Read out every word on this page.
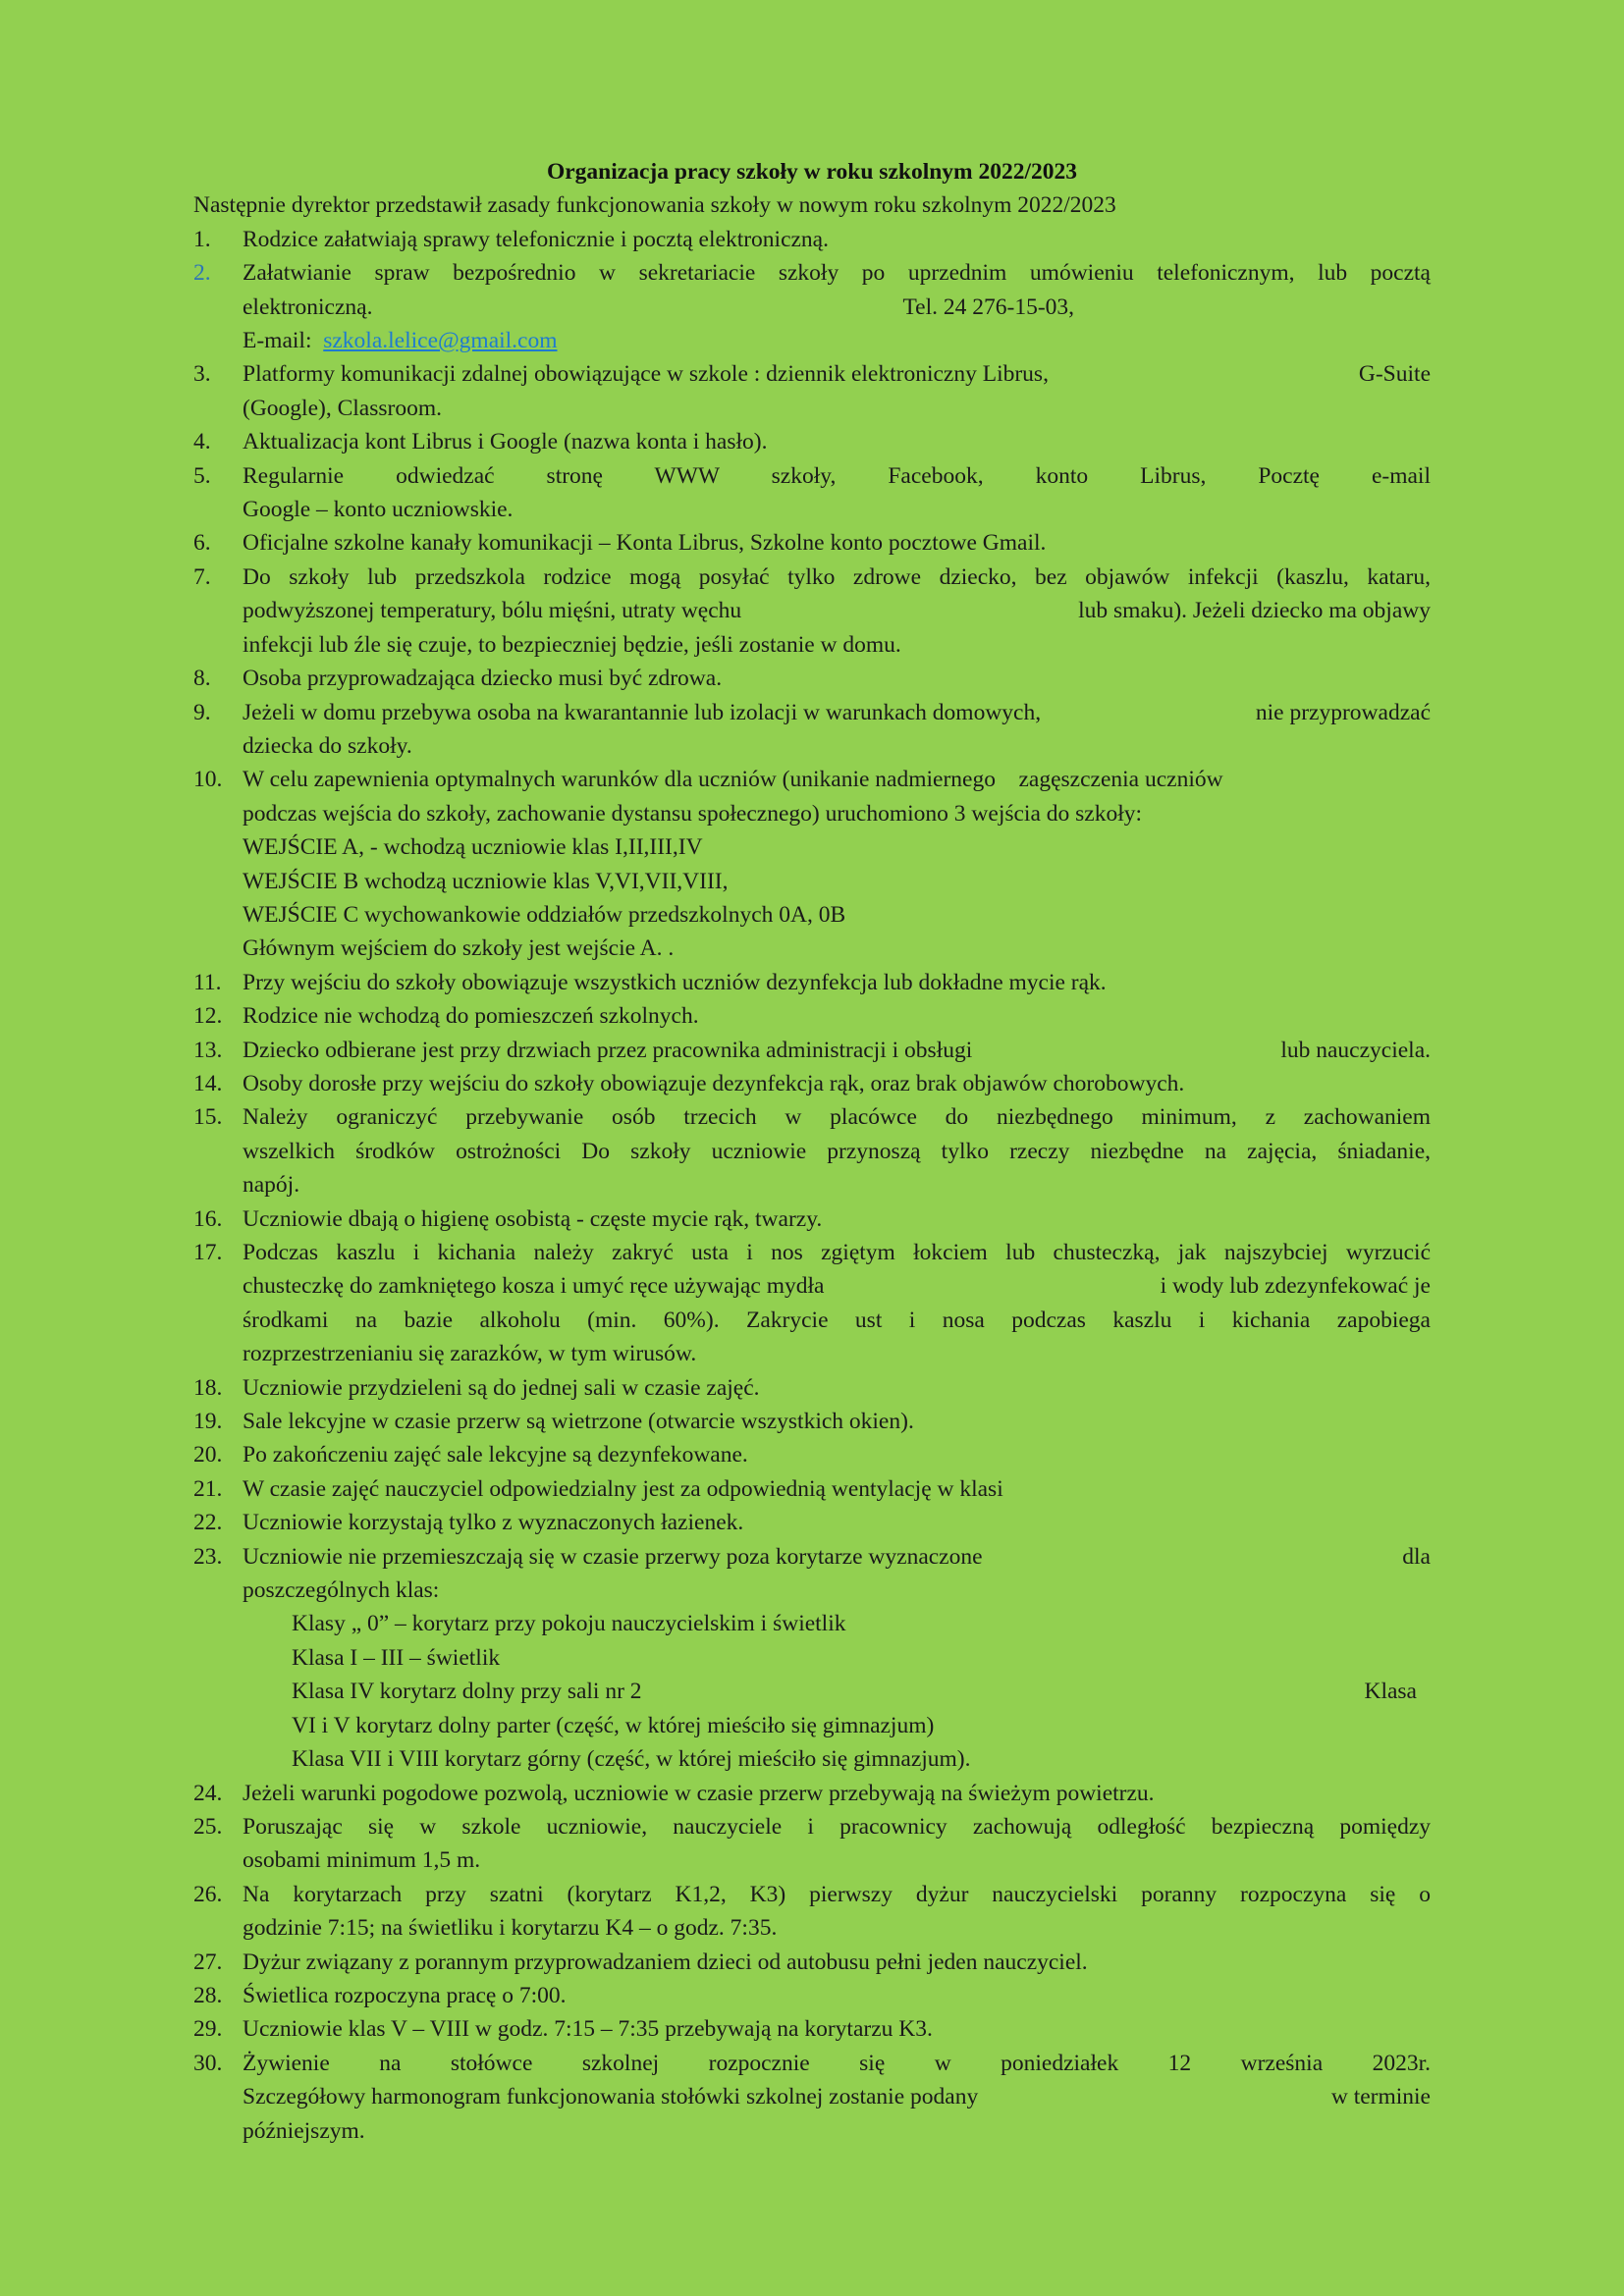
Organizacja pracy szkoły w roku szkolnym 2022/2023

Następnie dyrektor przedstawił zasady funkcjonowania szkoły w nowym roku szkolnym 2022/2023

1. Rodzice załatwiają sprawy telefonicznie i pocztą elektroniczną.
2. Załatwianie spraw bezpośrednio w sekretariacie szkoły po uprzednim umówieniu telefonicznym, lub pocztą
elektroniczną.	Tel. 24 276-15-03,
E-mail: szkola.lelice@gmail.com
3. Platformy komunikacji zdalnej obowiązujące w szkole : dziennik elektroniczny Librus,	G-Suite
(Google), Classroom.
4. Aktualizacja kont Librus i Google (nazwa konta i hasło).
5. Regularnie odwiedzać stronę WWW szkoły, Facebook, konto Librus, Pocztę e-mail
Google – konto uczniowskie.
6. Oficjalne szkolne kanały komunikacji – Konta Librus, Szkolne konto pocztowe Gmail.
7. Do szkoły lub przedszkola rodzice mogą posyłać tylko zdrowe dziecko, bez objawów infekcji (kaszlu, kataru,
podwyższonej temperatury, bólu mięśni, utraty węchu	lub smaku). Jeżeli dziecko ma objawy
infekcji lub źle się czuje, to bezpieczniej będzie, jeśli zostanie w domu.
8. Osoba przyprowadzająca dziecko musi być zdrowa.
9. Jeżeli w domu przebywa osoba na kwarantannie lub izolacji w warunkach domowych,	nie przyprowadzać
dziecka do szkoły.
10. W celu zapewnienia optymalnych warunków dla uczniów (unikanie nadmiernego    zagęszczenia uczniów
podczas wejścia do szkoły, zachowanie dystansu społecznego) uruchomiono 3 wejścia do szkoły:
WEJŚCIE A, - wchodzą uczniowie klas I,II,III,IV
WEJŚCIE B wchodzą uczniowie klas V,VI,VII,VIII,
WEJŚCIE C wychowankowie oddziałów przedszkolnych 0A, 0B
Głównym wejściem do szkoły jest wejście A. .
11. Przy wejściu do szkoły obowiązuje wszystkich uczniów dezynfekcja lub dokładne mycie rąk.
12. Rodzice nie wchodzą do pomieszczeń szkolnych.
13. Dziecko odbierane jest przy drzwiach przez pracownika administracji i obsługi	lub nauczyciela.
14. Osoby dorosłe przy wejściu do szkoły obowiązuje dezynfekcja rąk, oraz brak objawów chorobowych.
15. Należy ograniczyć przebywanie osób trzecich w placówce do niezbędnego minimum, z zachowaniem
wszelkich środków ostrożności Do szkoły uczniowie przynoszą tylko rzeczy niezbędne na zajęcia, śniadanie,
napój.
16. Uczniowie dbają o higienę osobistą - częste mycie rąk, twarzy.
17. Podczas kaszlu i kichania należy zakryć usta i nos zgiętym łokciem lub chusteczką, jak najszybciej wyrzucić
chusteczkę do zamkniętego kosza i umyć ręce używając mydła	i wody lub zdezynfekować je
środkami na bazie alkoholu (min. 60%). Zakrycie ust i nosa podczas kaszlu i kichania zapobiega
rozprzestrzenianiu się zarazków, w tym wirusów.
18. Uczniowie przydzieleni są do jednej sali w czasie zajęć.
19. Sale lekcyjne w czasie przerw są wietrzone (otwarcie wszystkich okien).
20. Po zakończeniu zajęć sale lekcyjne są dezynfekowane.
21. W czasie zajęć nauczyciel odpowiedzialny jest za odpowiednią wentylację w klasi
22. Uczniowie korzystają tylko z wyznaczonych łazienek.
23. Uczniowie nie przemieszczają się w czasie przerwy poza korytarze wyznaczone	dla
poszczególnych klas:
Klasy „ 0” – korytarz przy pokoju nauczycielskim i świetlik
Klasa I – III – świetlik
Klasa IV korytarz dolny przy sali nr 2	Klasa
VI i V korytarz dolny parter (część, w której mieściło się gimnazjum)
Klasa VII i VIII korytarz górny (część, w której mieściło się gimnazjum).
24. Jeżeli warunki pogodowe pozwolą, uczniowie w czasie przerw przebywają na świeżym powietrzu.
25. Poruszając się w szkole uczniowie, nauczyciele i pracownicy zachowują odległość bezpieczną pomiędzy
osobami minimum 1,5 m.
26. Na korytarzach przy szatni (korytarz K1,2, K3) pierwszy dyżur nauczycielski poranny rozpoczyna się o
godzinie 7:15; na świetliku i korytarzu K4 – o godz. 7:35.
27. Dyżur związany z porannym przyprowadzaniem dzieci od autobusu pełni jeden nauczyciel.
28. Świetlica rozpoczyna pracę o 7:00.
29. Uczniowie klas V – VIII w godz. 7:15 – 7:35 przebywają na korytarzu K3.
30. Żywienie na stołówce szkolnej rozpocznie się w poniedziałek 12 września 2023r.
Szczegółowy harmonogram funkcjonowania stołówki szkolnej zostanie podany	w terminie
późniejszym.
